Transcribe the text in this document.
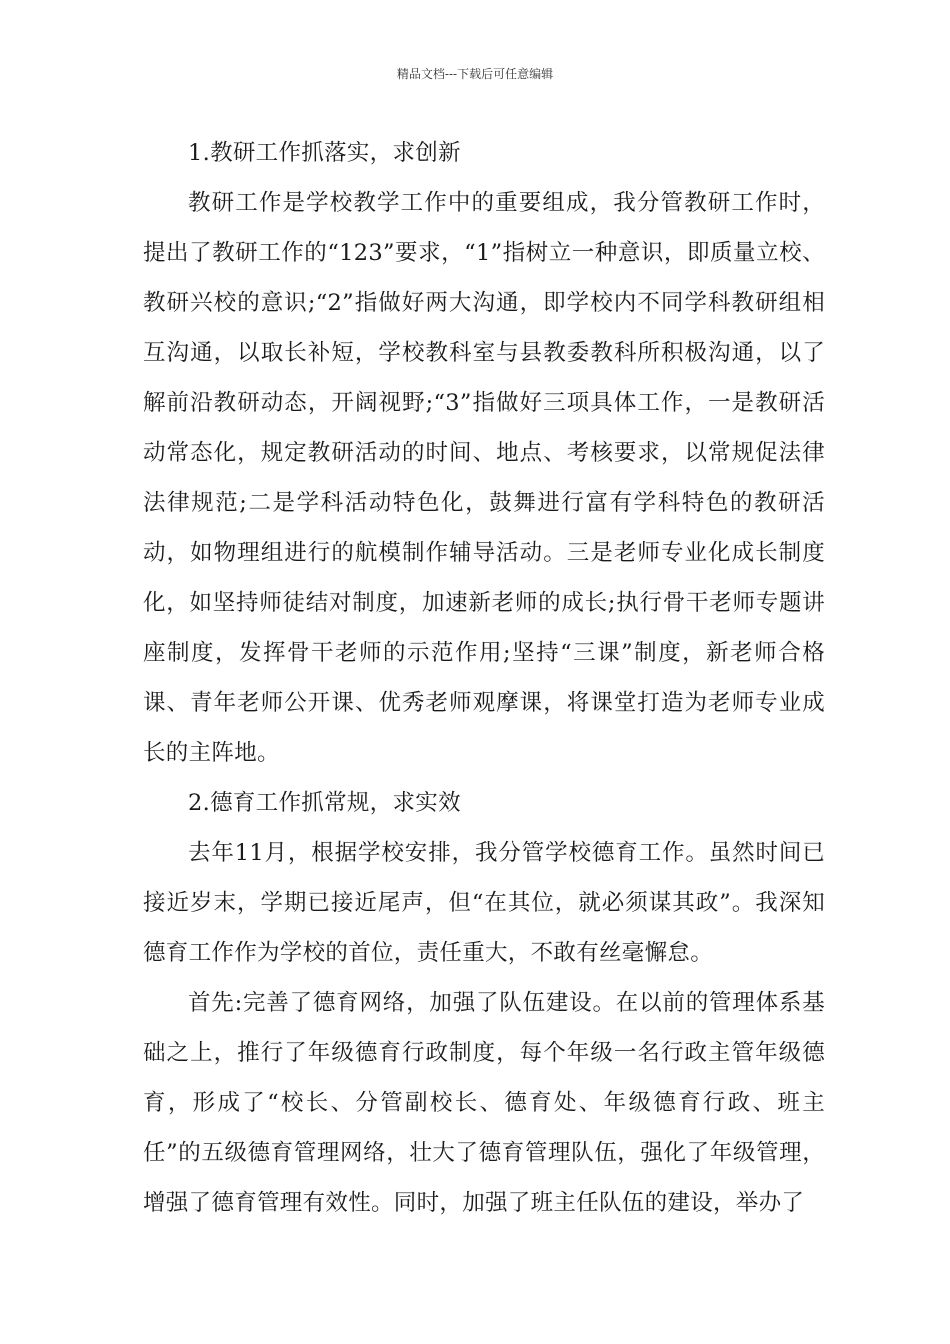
精品文档---下载后可任意编辑

1.教研工作抓落实，求创新

教研工作是学校教学工作中的重要组成，我分管教研工作时，提出了教研工作的“123”要求，“1”指树立一种意识，即质量立校、教研兴校的意识;“2”指做好两大沟通，即学校内不同学科教研组相互沟通，以取长补短，学校教科室与县教委教科所积极沟通，以了解前沿教研动态，开阔视野;“3”指做好三项具体工作，一是教研活动常态化，规定教研活动的时间、地点、考核要求，以常规促法律法律规范;二是学科活动特色化，鼓舞进行富有学科特色的教研活动，如物理组进行的航模制作辅导活动。三是老师专业化成长制度化，如坚持师徒结对制度，加速新老师的成长;执行骨干老师专题讲座制度，发挥骨干老师的示范作用;坚持“三课”制度，新老师合格课、青年老师公开课、优秀老师观摩课，将课堂打造为老师专业成长的主阵地。

2.德育工作抓常规，求实效

去年11月，根据学校安排，我分管学校德育工作。虽然时间已接近岁末，学期已接近尾声，但“在其位，就必须谋其政”。我深知德育工作作为学校的首位，责任重大，不敢有丝毫懈怠。

首先:完善了德育网络，加强了队伍建设。在以前的管理体系基础之上，推行了年级德育行政制度，每个年级一名行政主管年级德育，形成了“校长、分管副校长、德育处、年级德育行政、班主任”的五级德育管理网络，壮大了德育管理队伍，强化了年级管理，增强了德育管理有效性。同时，加强了班主任队伍的建设，举办了
